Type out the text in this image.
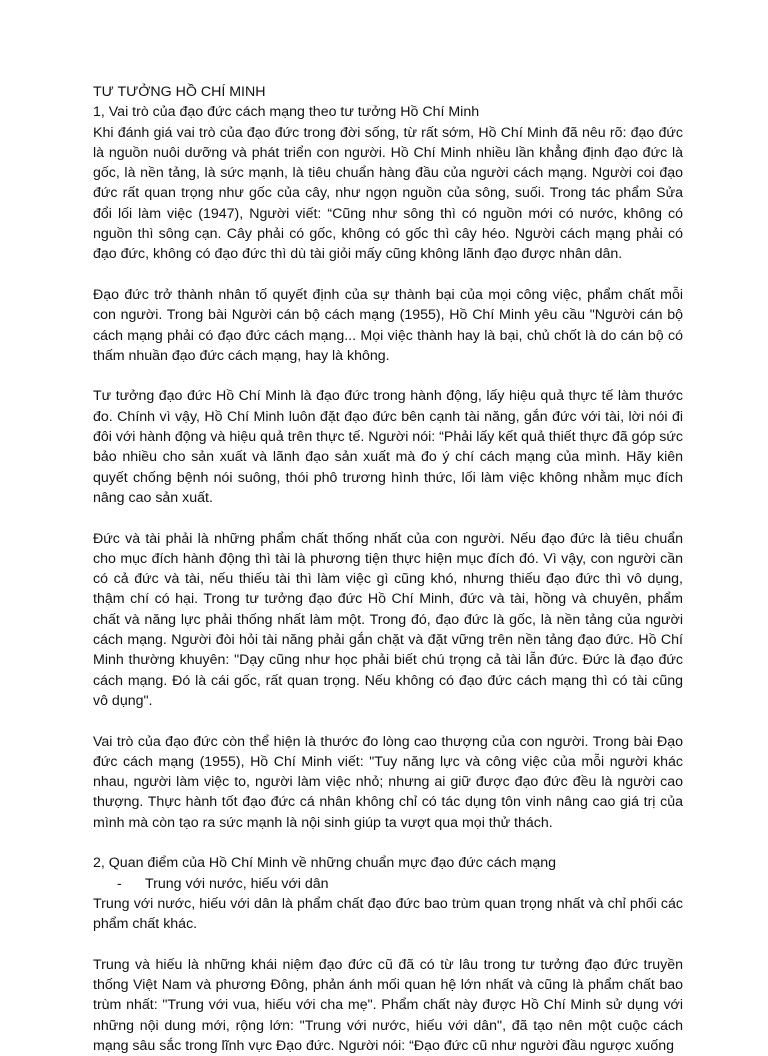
TƯ TƯỞNG HỒ CHÍ MINH

1, Vai trò của đạo đức cách mạng theo tư tưởng Hồ Chí Minh

Khi đánh giá vai trò của đạo đức trong đời sống, từ rất sớm, Hồ Chí Minh đã nêu rõ: đạo đức là nguồn nuôi dưỡng và phát triển con người. Hồ Chí Minh nhiều lần khẳng định đạo đức là gốc, là nền tảng, là sức mạnh, là tiêu chuẩn hàng đầu của người cách mạng. Người coi đạo đức rất quan trọng như gốc của cây, như ngọn nguồn của sông, suối. Trong tác phẩm Sửa đổi lối làm việc (1947), Người viết: “Cũng như sông thì có nguồn mới có nước, không có nguồn thì sông cạn. Cây phải có gốc, không có gốc thì cây héo. Người cách mạng phải có đạo đức, không có đạo đức thì dù tài giỏi mấy cũng không lãnh đạo được nhân dân.

Đạo đức trở thành nhân tố quyết định của sự thành bại của mọi công việc, phẩm chất mỗi con người. Trong bài Người cán bộ cách mạng (1955), Hồ Chí Minh yêu cầu "Người cán bộ cách mạng phải có đạo đức cách mạng... Mọi việc thành hay là bại, chủ chốt là do cán bộ có thấm nhuần đạo đức cách mạng, hay là không.

Tư tưởng đạo đức Hồ Chí Minh là đạo đức trong hành động, lấy hiệu quả thực tế làm thước đo. Chính vì vậy, Hồ Chí Minh luôn đặt đạo đức bên cạnh tài năng, gắn đức với tài, lời nói đi đôi với hành động và hiệu quả trên thực tế. Người nói: “Phải lấy kết quả thiết thực đã góp sức bảo nhiều cho sản xuất và lãnh đạo sản xuất mà đo ý chí cách mạng của mình. Hãy kiên quyết chống bệnh nói suông, thói phô trương hình thức, lối làm việc không nhằm mục đích nâng cao sản xuất.

Đức và tài phải là những phẩm chất thống nhất của con người. Nếu đạo đức là tiêu chuẩn cho mục đích hành động thì tài là phương tiện thực hiện mục đích đó. Vì vậy, con người cần có cả đức và tài, nếu thiếu tài thì làm việc gì cũng khó, nhưng thiếu đạo đức thì vô dụng, thậm chí có hại. Trong tư tưởng đạo đức Hồ Chí Minh, đức và tài, hồng và chuyên, phẩm chất và năng lực phải thống nhất làm một. Trong đó, đạo đức là gốc, là nền tảng của người cách mạng. Người đòi hỏi tài năng phải gắn chặt và đặt vững trên nền tảng đạo đức. Hồ Chí Minh thường khuyên: "Dạy cũng như học phải biết chú trọng cả tài lẫn đức. Đức là đạo đức cách mạng. Đó là cái gốc, rất quan trọng. Nếu không có đạo đức cách mạng thì có tài cũng vô dụng".

Vai trò của đạo đức còn thể hiện là thước đo lòng cao thượng của con người. Trong bài Đạo đức cách mạng (1955), Hồ Chí Minh viết: "Tuy năng lực và công việc của mỗi người khác nhau, người làm việc to, người làm việc nhỏ; nhưng ai giữ được đạo đức đều là người cao thượng. Thực hành tốt đạo đức cá nhân không chỉ có tác dụng tôn vinh nâng cao giá trị của mình mà còn tạo ra sức mạnh là nội sinh giúp ta vượt qua mọi thử thách.

2, Quan điểm của Hồ Chí Minh về những chuẩn mực đạo đức cách mạng

-	Trung với nước, hiếu với dân

Trung với nước, hiếu với dân là phẩm chất đạo đức bao trùm quan trọng nhất và chỉ phối các phẩm chất khác.

Trung và hiếu là những khái niệm đạo đức cũ đã có từ lâu trong tư tưởng đạo đức truyền thống Việt Nam và phương Đông, phản ánh mối quan hệ lớn nhất và cũng là phẩm chất bao trùm nhất: "Trung với vua, hiếu với cha mẹ". Phẩm chất này được Hồ Chí Minh sử dụng với những nội dung mới, rộng lớn: "Trung với nước, hiếu với dân", đã tạo nên một cuộc cách mạng sâu sắc trong lĩnh vực Đạo đức. Người nói: “Đạo đức cũ như người đầu ngược xuống
